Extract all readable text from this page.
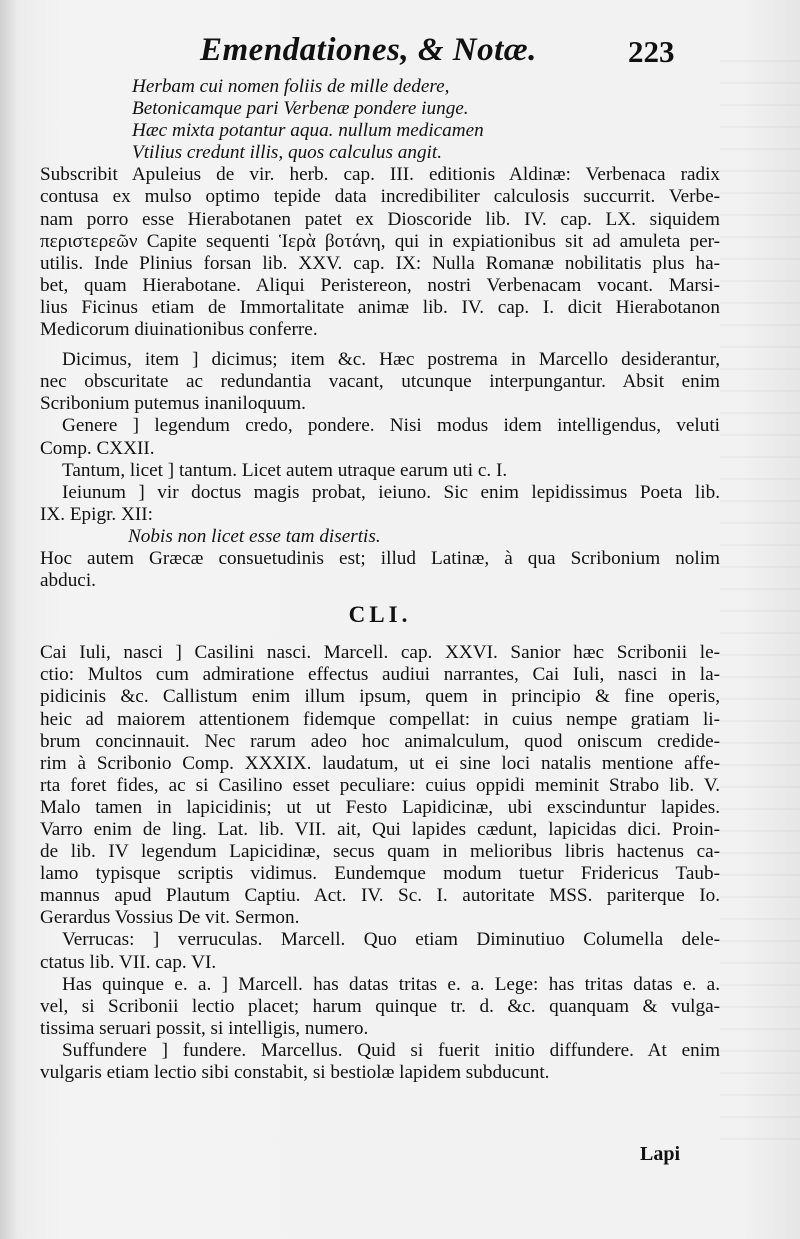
Emendationes, & Notæ.	223
Herbam cui nomen foliis de mille dedere,
Betonicamque pari Verbenæ pondere iunge.
Hæc mixta potantur aqua. nullum medicamen
Vtilius credunt illis, quos calculus angit.
Subscribit Apuleius de vir. herb. cap. III. editionis Aldinæ: Verbenaca radix
contusa ex mulso optimo tepide data incredibiliter calculosis succurrit. Verbe-
nam porro esse Hierabotanen patet ex Dioscoride lib. IV. cap. LX. siquidem
περιστερεῶν Capite sequenti Ἱερὰ βοτάνη, qui in expiationibus sit ad amuleta per-
utilis. Inde Plinius forsan lib. XXV. cap. IX: Nulla Romanæ nobilitatis plus ha-
bet, quam Hierabotane. Aliqui Peristereon, nostri Verbenacam vocant. Marsi-
lius Ficinus etiam de Immortalitate animæ lib. IV. cap. I. dicit Hierabotanon
Medicorum diuinationibus conferre.
Dicimus, item ] dicimus; item &c. Hæc postrema in Marcello desiderantur,
nec obscuritate ac redundantia vacant, utcunque interpungantur. Absit enim
Scribonium putemus inaniloquum.
Genere ] legendum credo, pondere. Nisi modus idem intelligendus, veluti
Comp. CXXII.
Tantum, licet ] tantum. Licet autem utraque earum uti c. I.
Ieiunum ] vir doctus magis probat, ieiuno. Sic enim lepidissimus Poeta lib.
IX. Epigr. XII:
Nobis non licet esse tam disertis.
Hoc autem Græcæ consuetudinis est; illud Latinæ, à qua Scribonium nolim
abduci.
CLI.
Cai Iuli, nasci ] Casilini nasci. Marcell. cap. XXVI. Sanior hæc Scribonii le-
ctio: Multos cum admiratione effectus audiui narrantes, Cai Iuli, nasci in la-
pidicinis &c. Callistum enim illum ipsum, quem in principio & fine operis,
heic ad maiorem attentionem fidemque compellat: in cuius nempe gratiam li-
brum concinnauit. Nec rarum adeo hoc animalculum, quod oniscum credide-
rim à Scribonio Comp. XXXIX. laudatum, ut ei sine loci natalis mentione affe-
rta foret fides, ac si Casilino esset peculiare: cuius oppidi meminit Strabo lib. V.
Malo tamen in lapicidinis; ut ut Festo Lapidicinæ, ubi exscinduntur lapides.
Varro enim de ling. Lat. lib. VII. ait, Qui lapides cædunt, lapicidas dici. Proin-
de lib. IV legendum Lapicidinæ, secus quam in melioribus libris hactenus ca-
lamo typisque scriptis vidimus. Eundemque modum tuetur Fridericus Taub-
mannus apud Plautum Captiu. Act. IV. Sc. I. autoritate MSS. pariterque Io.
Gerardus Vossius De vit. Sermon.
Verrucas: ] verruculas. Marcell. Quo etiam Diminutiuo Columella dele-
ctatus lib. VII. cap. VI.
Has quinque e. a. ] Marcell. has datas tritas e. a. Lege: has tritas datas e. a.
vel, si Scribonii lectio placet; harum quinque tr. d. &c. quanquam & vulga-
tissima seruari possit, si intelligis, numero.
Suffundere ] fundere. Marcellus. Quid si fuerit initio diffundere. At enim
vulgaris etiam lectio sibi constabit, si bestiolæ lapidem subducunt.
Lapi
